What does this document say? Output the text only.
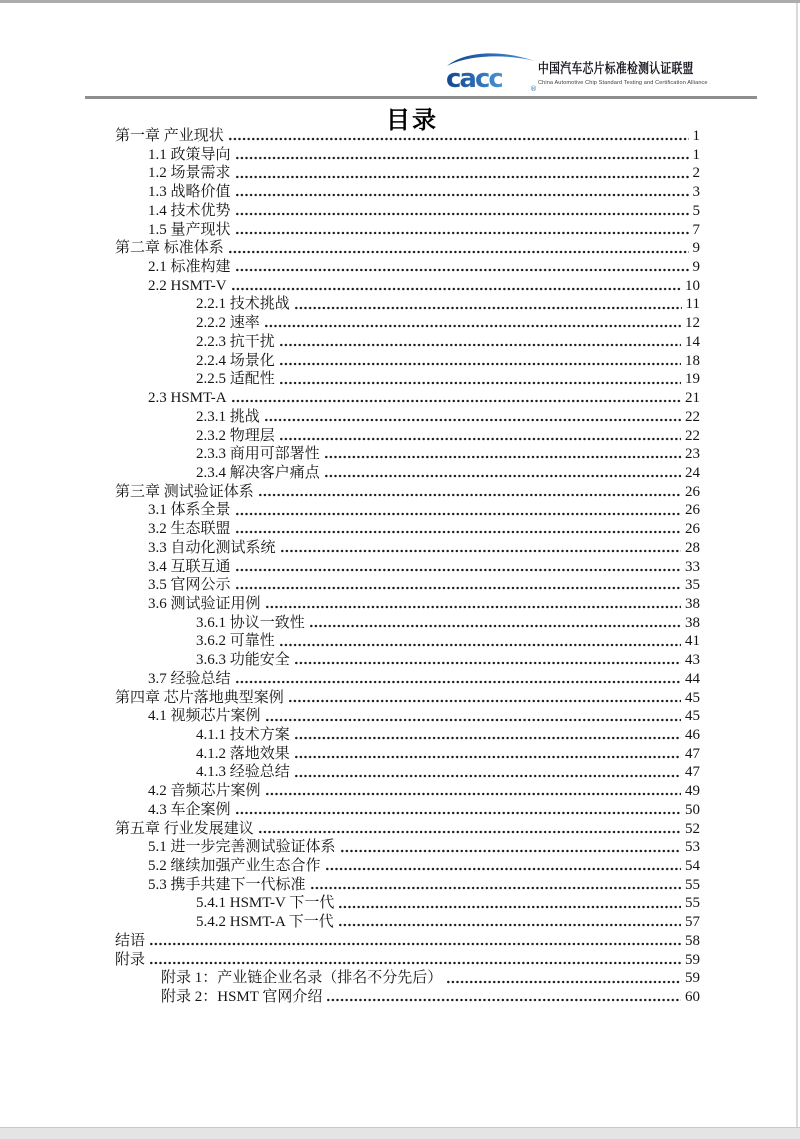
cacc	®
中国汽车芯片标准检测认证联盟
China Automotive Chip Standard Testing and Certification Alliance
目录
第一章 产业现状	1
1.1 政策导向	1
1.2 场景需求	2
1.3 战略价值	3
1.4 技术优势	5
1.5 量产现状	7
第二章 标准体系	9
2.1 标准构建	9
2.2 HSMT-V	10
2.2.1 技术挑战	11
2.2.2 速率	12
2.2.3 抗干扰	14
2.2.4 场景化	18
2.2.5 适配性	19
2.3 HSMT-A	21
2.3.1 挑战	22
2.3.2 物理层	22
2.3.3 商用可部署性	23
2.3.4 解决客户痛点	24
第三章 测试验证体系	26
3.1 体系全景	26
3.2 生态联盟	26
3.3 自动化测试系统	28
3.4 互联互通	33
3.5 官网公示	35
3.6 测试验证用例	38
3.6.1 协议一致性	38
3.6.2 可靠性	41
3.6.3 功能安全	43
3.7 经验总结	44
第四章 芯片落地典型案例	45
4.1 视频芯片案例	45
4.1.1 技术方案	46
4.1.2 落地效果	47
4.1.3 经验总结	47
4.2 音频芯片案例	49
4.3 车企案例	50
第五章 行业发展建议	52
5.1 进一步完善测试验证体系	53
5.2 继续加强产业生态合作	54
5.3 携手共建下一代标准	55
5.4.1 HSMT-V 下一代	55
5.4.2 HSMT-A 下一代	57
结语	58
附录	59
附录 1：产业链企业名录（排名不分先后）	59
附录 2：HSMT 官网介绍	60
